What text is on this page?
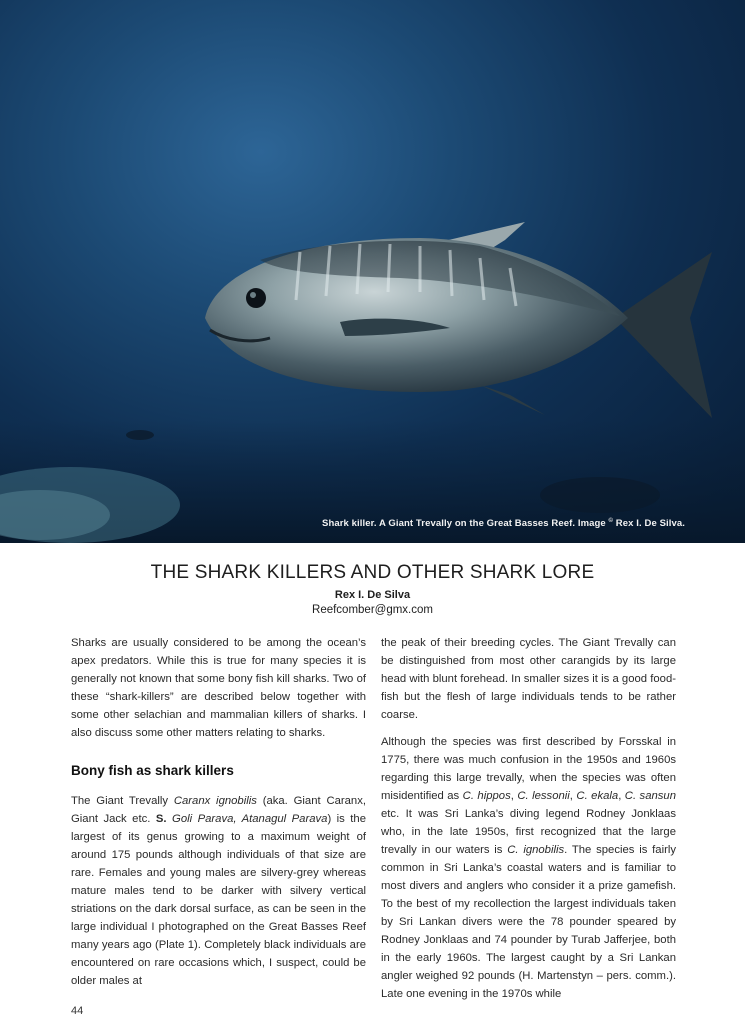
Shark killer. A Giant Trevally on the Great Basses Reef. Image © Rex I. De Silva.
THE SHARK KILLERS AND OTHER SHARK LORE
Rex I. De Silva
Reefcomber@gmx.com

Sharks are usually considered to be among the ocean’s apex predators. While this is true for many species it is generally not known that some bony fish kill sharks. Two of these “shark-killers” are described below together with some other selachian and mammalian killers of sharks. I also discuss some other matters relating to sharks.

Bony fish as shark killers

The Giant Trevally Caranx ignobilis (aka. Giant Caranx, Giant Jack etc. S. Goli Parava, Atanagul Parava) is the largest of its genus growing to a maximum weight of around 175 pounds although individuals of that size are rare. Females and young males are silvery-grey whereas mature males tend to be darker with silvery vertical striations on the dark dorsal surface, as can be seen in the large individual I photographed on the Great Basses Reef many years ago (Plate 1). Completely black individuals are encountered on rare occasions which, I suspect, could be older males at

the peak of their breeding cycles. The Giant Trevally can be distinguished from most other carangids by its large head with blunt forehead. In smaller sizes it is a good food-fish but the flesh of large individuals tends to be rather coarse.

Although the species was first described by Forsskal in 1775, there was much confusion in the 1950s and 1960s regarding this large trevally, when the species was often misidentified as C. hippos, C. lessonii, C. ekala, C. sansun etc. It was Sri Lanka’s diving legend Rodney Jonklaas who, in the late 1950s, first recognized that the large trevally in our waters is C. ignobilis. The species is fairly common in Sri Lanka’s coastal waters and is familiar to most divers and anglers who consider it a prize gamefish. To the best of my recollection the largest individuals taken by Sri Lankan divers were the 78 pounder speared by Rodney Jonklaas and 74 pounder by Turab Jafferjee, both in the early 1960s. The largest caught by a Sri Lankan angler weighed 92 pounds (H. Martenstyn – pers. comm.). Late one evening in the 1970s while

44
